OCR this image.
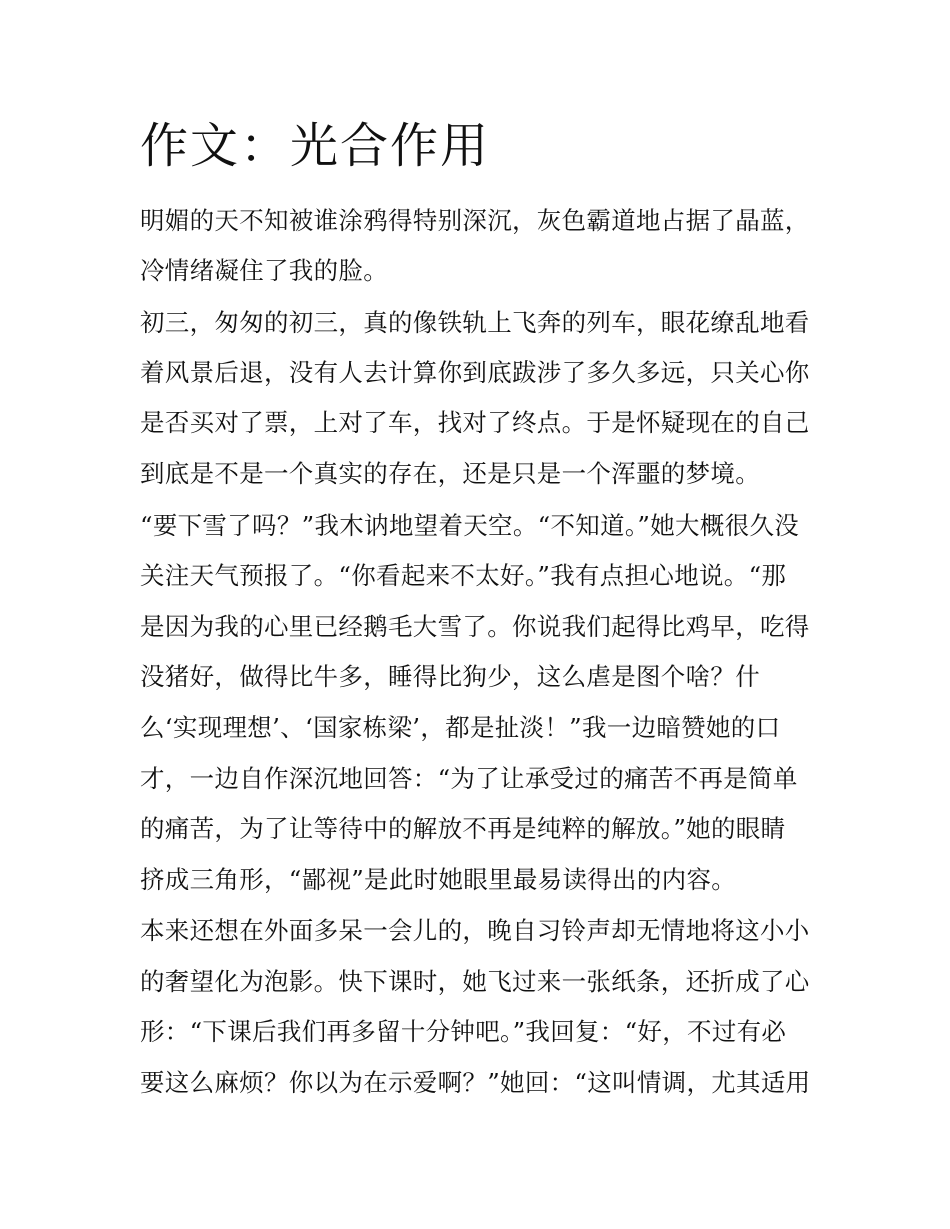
作文：光合作用
明媚的天不知被谁涂鸦得特别深沉，灰色霸道地占据了晶蓝，
冷情绪凝住了我的脸。
初三，匆匆的初三，真的像铁轨上飞奔的列车，眼花缭乱地看
着风景后退，没有人去计算你到底跋涉了多久多远，只关心你
是否买对了票，上对了车，找对了终点。于是怀疑现在的自己
到底是不是一个真实的存在，还是只是一个浑噩的梦境。
“要下雪了吗？”我木讷地望着天空。“不知道。”她大概很久没
关注天气预报了。“你看起来不太好。”我有点担心地说。“那
是因为我的心里已经鹅毛大雪了。你说我们起得比鸡早，吃得
没猪好，做得比牛多，睡得比狗少，这么虐是图个啥？什
么‘实现理想’、‘国家栋梁’，都是扯淡！”我一边暗赞她的口
才，一边自作深沉地回答：“为了让承受过的痛苦不再是简单
的痛苦，为了让等待中的解放不再是纯粹的解放。”她的眼睛
挤成三角形，“鄙视”是此时她眼里最易读得出的内容。
本来还想在外面多呆一会儿的，晚自习铃声却无情地将这小小
的奢望化为泡影。快下课时，她飞过来一张纸条，还折成了心
形：“下课后我们再多留十分钟吧。”我回复：“好，不过有必
要这么麻烦？你以为在示爱啊？”她回：“这叫情调，尤其适用
